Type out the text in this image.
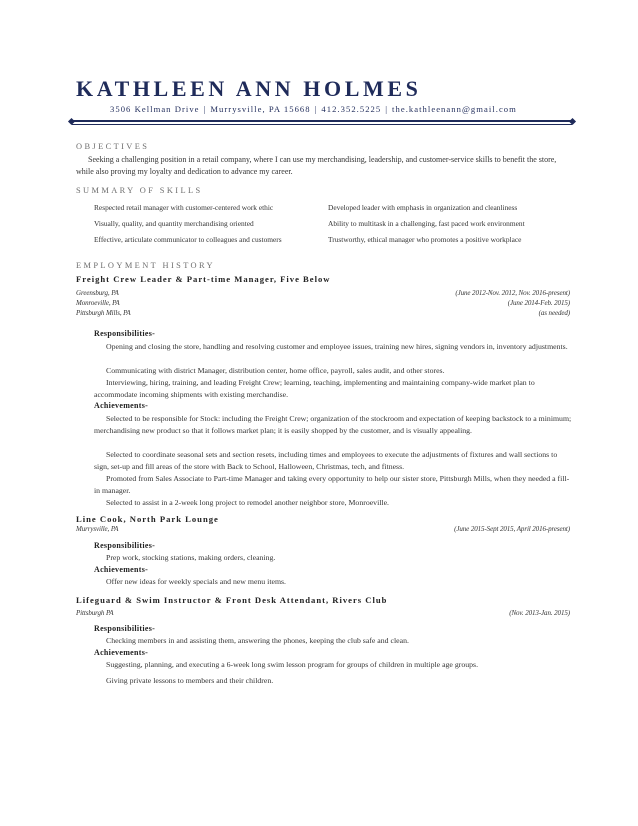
KATHLEEN ANN HOLMES
3506 Kellman Drive | Murrysville, PA 15668 | 412.352.5225 | the.kathleenann@gmail.com
OBJECTIVES
Seeking a challenging position in a retail company, where I can use my merchandising, leadership, and customer-service skills to benefit the store, while also proving my loyalty and dedication to advance my career.
SUMMARY OF SKILLS
Respected retail manager with customer-centered work ethic
Visually, quality, and quantity merchandising oriented
Effective, articulate communicator to colleagues and customers
Developed leader with emphasis in organization and cleanliness
Ability to multitask in a challenging, fast paced work environment
Trustworthy, ethical manager who promotes a positive workplace
EMPLOYMENT HISTORY
Freight Crew Leader & Part-time Manager, Five Below
Greensburg, PA
Monroeville, PA
Pittsburgh Mills, PA
(June 2012-Nov. 2012, Nov. 2016-present)
(June 2014-Feb. 2015)
(as needed)
Responsibilities-
Opening and closing the store, handling and resolving customer and employee issues, training new hires, signing vendors in, inventory adjustments.
Communicating with district Manager, distribution center, home office, payroll, sales audit, and other stores.
Interviewing, hiring, training, and leading Freight Crew; learning, teaching, implementing and maintaining company-wide market plan to accommodate incoming shipments with existing merchandise.
Achievements-
Selected to be responsible for Stock: including the Freight Crew; organization of the stockroom and expectation of keeping backstock to a minimum; merchandising new product so that it follows market plan; it is easily shopped by the customer, and is visually appealing.
Selected to coordinate seasonal sets and section resets, including times and employees to execute the adjustments of fixtures and wall sections to sign, set-up and fill areas of the store with Back to School, Halloween, Christmas, tech, and fitness.
Promoted from Sales Associate to Part-time Manager and taking every opportunity to help our sister store, Pittsburgh Mills, when they needed a fill-in manager.
Selected to assist in a 2-week long project to remodel another neighbor store, Monroeville.
Line Cook, North Park Lounge
Murrysville, PA	(June 2015-Sept 2015, April 2016-present)
Responsibilities-
Prep work, stocking stations, making orders, cleaning.
Achievements-
Offer new ideas for weekly specials and new menu items.
Lifeguard & Swim Instructor & Front Desk Attendant, Rivers Club
Pittsburgh PA	(Nov. 2013-Jan. 2015)
Responsibilities-
Checking members in and assisting them, answering the phones, keeping the club safe and clean.
Achievements-
Suggesting, planning, and executing a 6-week long swim lesson program for groups of children in multiple age groups.
Giving private lessons to members and their children.
